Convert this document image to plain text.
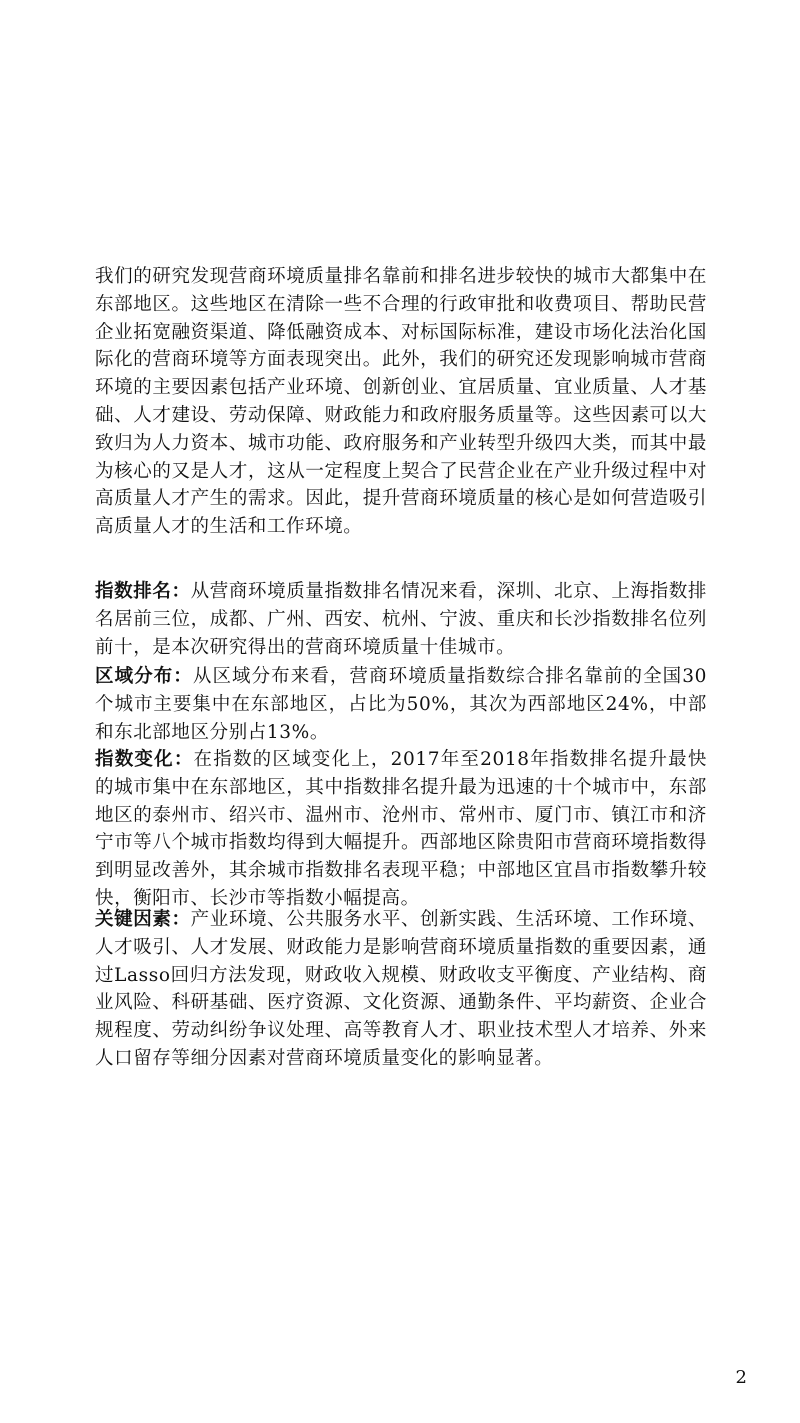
我们的研究发现营商环境质量排名靠前和排名进步较快的城市大都集中在东部地区。这些地区在清除一些不合理的行政审批和收费项目、帮助民营企业拓宽融资渠道、降低融资成本、对标国际标准，建设市场化法治化国际化的营商环境等方面表现突出。此外，我们的研究还发现影响城市营商环境的主要因素包括产业环境、创新创业、宜居质量、宜业质量、人才基础、人才建设、劳动保障、财政能力和政府服务质量等。这些因素可以大致归为人力资本、城市功能、政府服务和产业转型升级四大类，而其中最为核心的又是人才，这从一定程度上契合了民营企业在产业升级过程中对高质量人才产生的需求。因此，提升营商环境质量的核心是如何营造吸引高质量人才的生活和工作环境。

指数排名：从营商环境质量指数排名情况来看，深圳、北京、上海指数排名居前三位，成都、广州、西安、杭州、宁波、重庆和长沙指数排名位列前十，是本次研究得出的营商环境质量十佳城市。

区域分布：从区域分布来看，营商环境质量指数综合排名靠前的全国30个城市主要集中在东部地区，占比为50%，其次为西部地区24%，中部和东北部地区分别占13%。

指数变化：在指数的区域变化上，2017年至2018年指数排名提升最快的城市集中在东部地区，其中指数排名提升最为迅速的十个城市中，东部地区的泰州市、绍兴市、温州市、沧州市、常州市、厦门市、镇江市和济宁市等八个城市指数均得到大幅提升。西部地区除贵阳市营商环境指数得到明显改善外，其余城市指数排名表现平稳；中部地区宜昌市指数攀升较快，衡阳市、长沙市等指数小幅提高。

关键因素：产业环境、公共服务水平、创新实践、生活环境、工作环境、人才吸引、人才发展、财政能力是影响营商环境质量指数的重要因素，通过Lasso回归方法发现，财政收入规模、财政收支平衡度、产业结构、商业风险、科研基础、医疗资源、文化资源、通勤条件、平均薪资、企业合规程度、劳动纠纷争议处理、高等教育人才、职业技术型人才培养、外来人口留存等细分因素对营商环境质量变化的影响显著。

2
